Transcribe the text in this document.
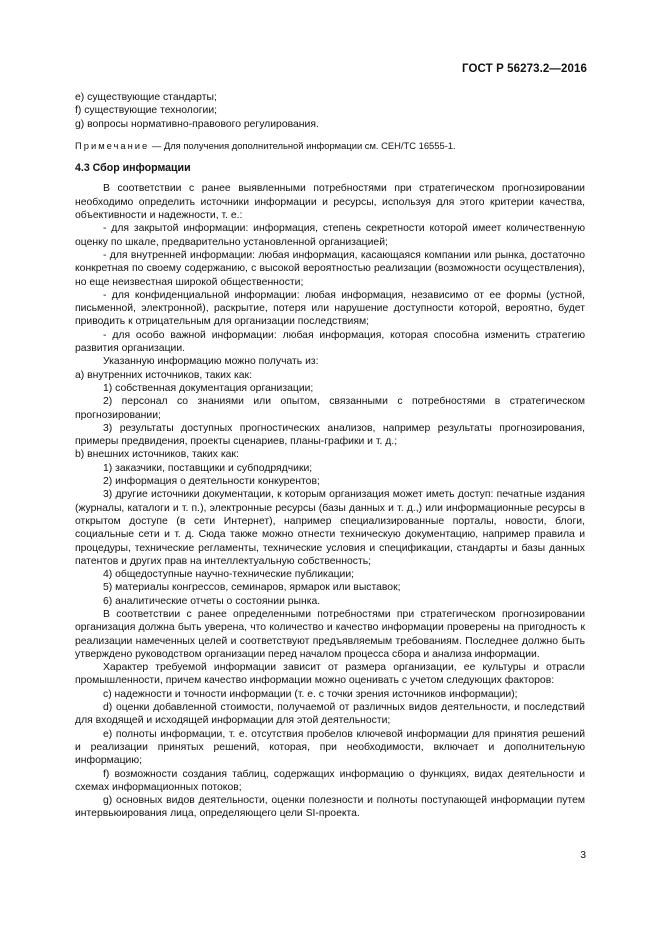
ГОСТ Р 56273.2—2016

е) существующие стандарты;

f) существующие технологии;

g) вопросы нормативно-правового регулирования.

Примечание — Для получения дополнительной информации см. CEH/TC 16555-1.

4.3 Сбор информации

В соответствии с ранее выявленными потребностями при стратегическом прогнозировании необходимо определить источники информации и ресурсы, используя для этого критерии качества, объективности и надежности, т. е.:

- для закрытой информации: информация, степень секретности которой имеет количественную оценку по шкале, предварительно установленной организацией;

- для внутренней информации: любая информация, касающаяся компании или рынка, достаточно конкретная по своему содержанию, с высокой вероятностью реализации (возможности осуществления), но еще неизвестная широкой общественности;

- для конфиденциальной информации: любая информация, независимо от ее формы (устной, письменной, электронной), раскрытие, потеря или нарушение доступности которой, вероятно, будет приводить к отрицательным для организации последствиям;

- для особо важной информации: любая информация, которая способна изменить стратегию развития организации.

Указанную информацию можно получать из:

а) внутренних источников, таких как:

1) собственная документация организации;

2) персонал со знаниями или опытом, связанными с потребностями в стратегическом прогнозировании;

3) результаты доступных прогностических анализов, например результаты прогнозирования, примеры предвидения, проекты сценариев, планы-графики и т. д.;

b) внешних источников, таких как:

1) заказчики, поставщики и субподрядчики;

2) информация о деятельности конкурентов;

3) другие источники документации, к которым организация может иметь доступ: печатные издания (журналы, каталоги и т. п.), электронные ресурсы (базы данных и т. д.,) или информационные ресурсы в открытом доступе (в сети Интернет), например специализированные порталы, новости, блоги, социальные сети и т. д. Сюда также можно отнести техническую документацию, например правила и процедуры, технические регламенты, технические условия и спецификации, стандарты и базы данных патентов и других прав на интеллектуальную собственность;

4) общедоступные научно-технические публикации;

5) материалы конгрессов, семинаров, ярмарок или выставок;

6) аналитические отчеты о состоянии рынка.

В соответствии с ранее определенными потребностями при стратегическом прогнозировании организация должна быть уверена, что количество и качество информации проверены на пригодность к реализации намеченных целей и соответствуют предъявляемым требованиям. Последнее должно быть утверждено руководством организации перед началом процесса сбора и анализа информации.

Характер требуемой информации зависит от размера организации, ее культуры и отрасли промышленности, причем качество информации можно оценивать с учетом следующих факторов:

с) надежности и точности информации (т. е. с точки зрения источников информации);

d) оценки добавленной стоимости, получаемой от различных видов деятельности, и последствий для входящей и исходящей информации для этой деятельности;

е) полноты информации, т. е. отсутствия пробелов ключевой информации для принятия решений и реализации принятых решений, которая, при необходимости, включает и дополнительную информацию;

f) возможности создания таблиц, содержащих информацию о функциях, видах деятельности и схемах информационных потоков;

g) основных видов деятельности, оценки полезности и полноты поступающей информации путем интервьюирования лица, определяющего цели SI-проекта.

3
